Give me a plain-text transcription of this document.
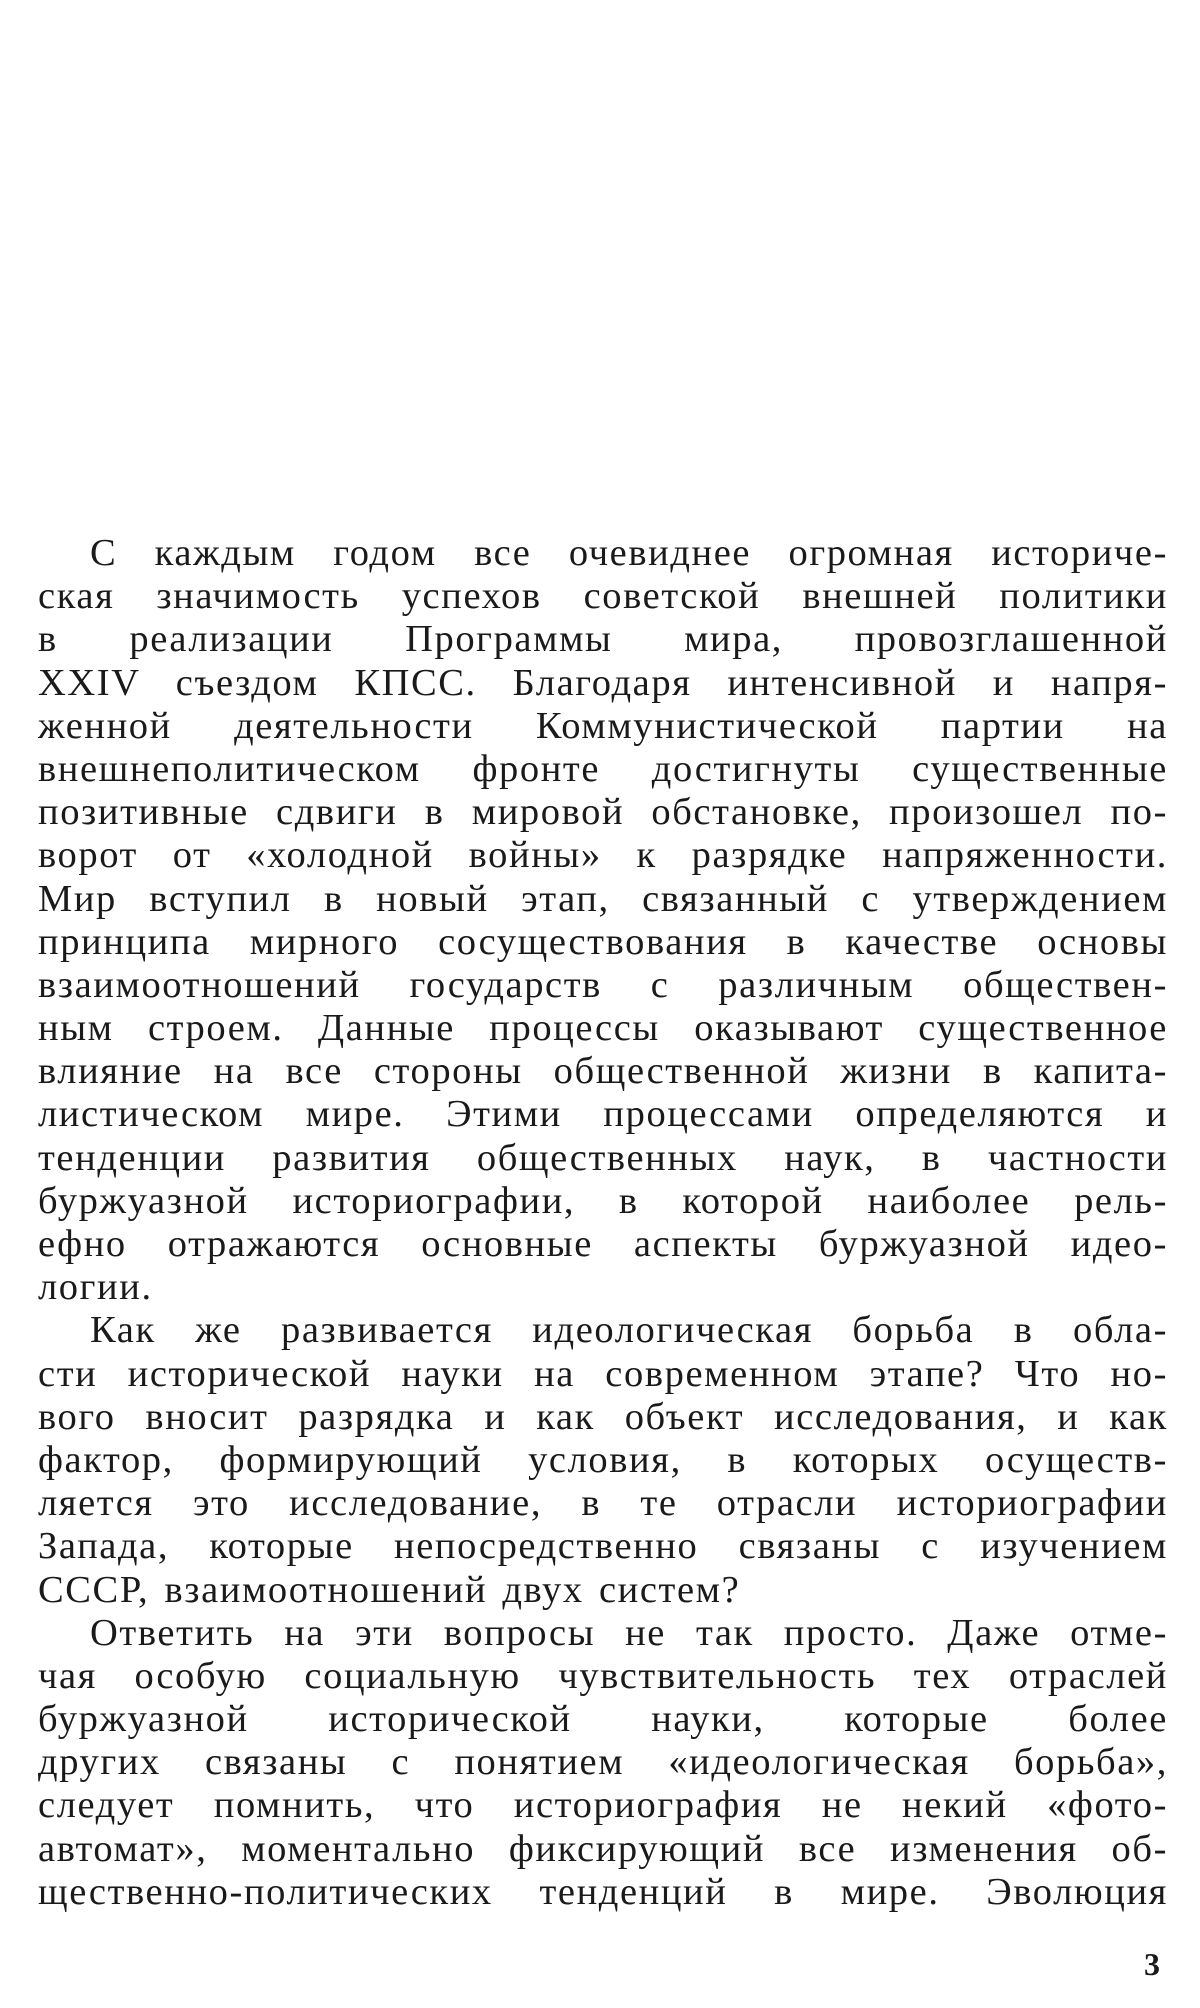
С каждым годом все очевиднее огромная историче-
ская значимость успехов советской внешней политики
в реализации Программы мира, провозглашенной
XXIV съездом КПСС. Благодаря интенсивной и напря-
женной деятельности Коммунистической партии на
внешнеполитическом фронте достигнуты существенные
позитивные сдвиги в мировой обстановке, произошел по-
ворот от «холодной войны» к разрядке напряженности.
Мир вступил в новый этап, связанный с утверждением
принципа мирного сосуществования в качестве основы
взаимоотношений государств с различным обществен-
ным строем. Данные процессы оказывают существенное
влияние на все стороны общественной жизни в капита-
листическом мире. Этими процессами определяются и
тенденции развития общественных наук, в частности
буржуазной историографии, в которой наиболее рель-
ефно отражаются основные аспекты буржуазной идео-
логии.
Как же развивается идеологическая борьба в обла-
сти исторической науки на современном этапе? Что но-
вого вносит разрядка и как объект исследования, и как
фактор, формирующий условия, в которых осуществ-
ляется это исследование, в те отрасли историографии
Запада, которые непосредственно связаны с изучением
СССР, взаимоотношений двух систем?
Ответить на эти вопросы не так просто. Даже отме-
чая особую социальную чувствительность тех отраслей
буржуазной исторической науки, которые более
других связаны с понятием «идеологическая борьба»,
следует помнить, что историография не некий «фото-
автомат», моментально фиксирующий все изменения об-
щественно-политических тенденций в мире. Эволюция
3
